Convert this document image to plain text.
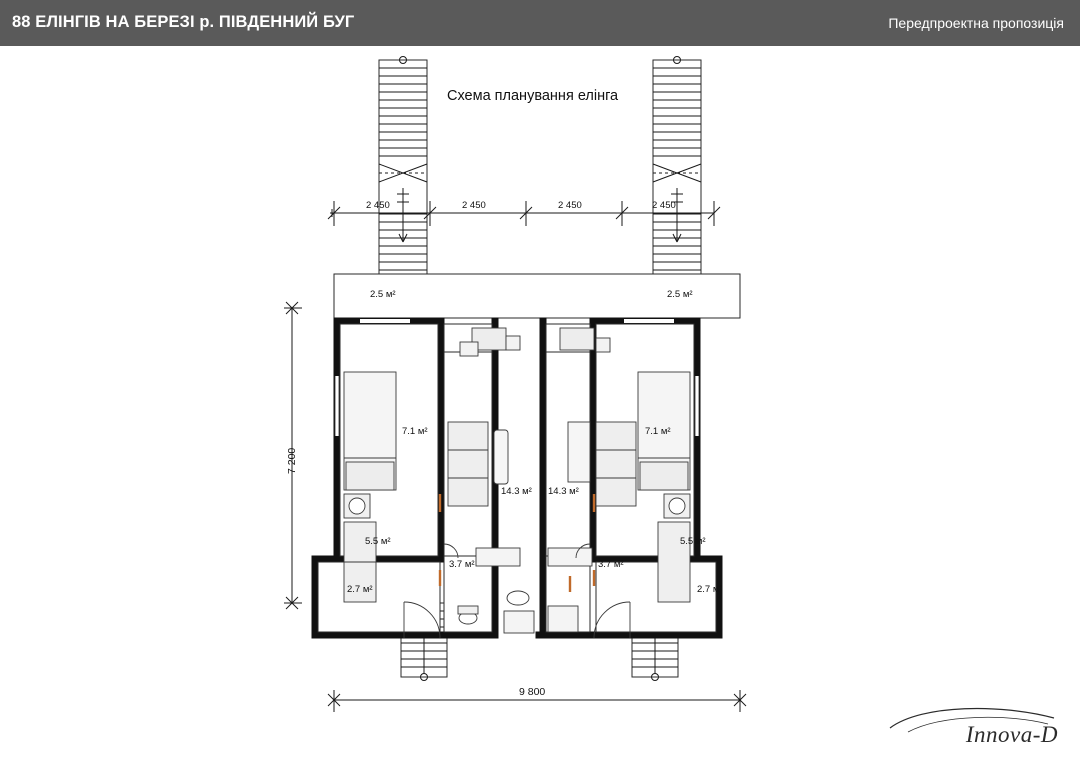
88 ЕЛІНГІВ НА БЕРЕЗІ р. ПІВДЕННИЙ БУГ	Передпроектна пропозиція
Схема планування елінга
2 450	2 450	2 450	2 450
7 200
9 800
2.5 м²	2.5 м²
7.1 м²	7.1 м²
14.3 м² 14.3 м²
5.5 м²	5.5 м²
3.7 м²	3.7 м²
2.7 м²	2.7 м²
Innova-D
